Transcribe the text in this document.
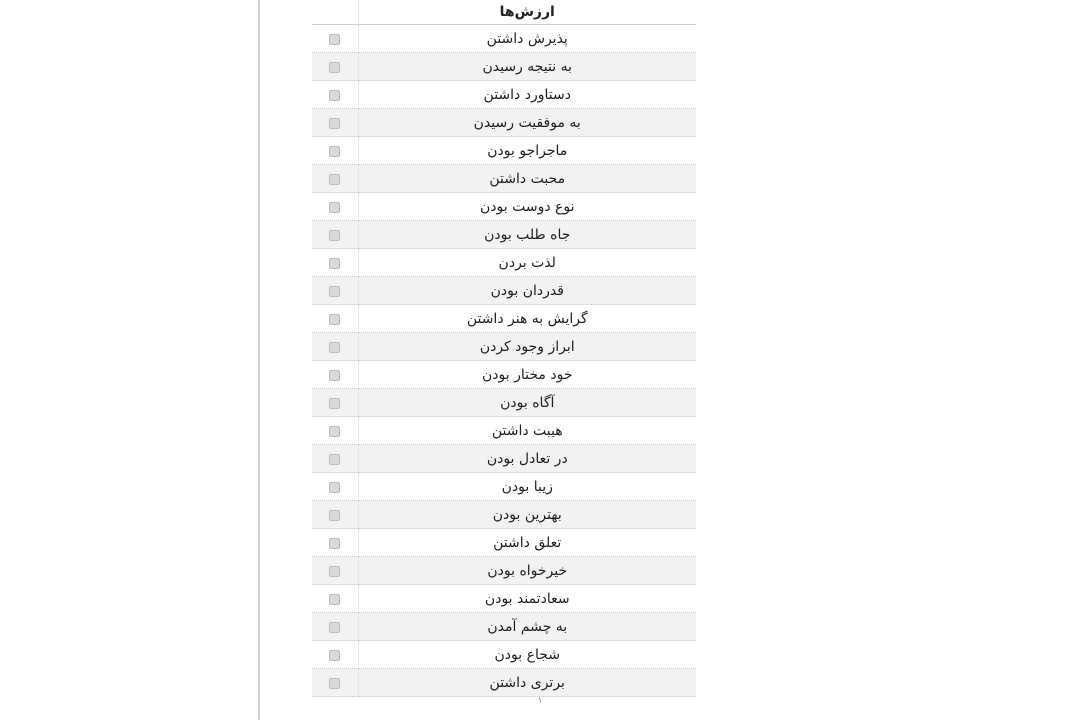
	ارزش‌ها
	پذیرش داشتن
	به نتیجه رسیدن
	دستاورد داشتن
	به موفقیت رسیدن
	ماجراجو بودن
	محبت داشتن
	نوع دوست بودن
	جاه طلب بودن
	لذت بردن
	قدردان بودن
	گرایش به هنر داشتن
	ابراز وجود کردن
	خود مختار بودن
	آگاه بودن
	هیبت داشتن
	در تعادل بودن
	زیبا بودن
	بهترین بودن
	تعلق داشتن
	خیرخواه بودن
	سعادتمند بودن
	به چشم آمدن
	شجاع بودن
	برتری داشتن
۱
